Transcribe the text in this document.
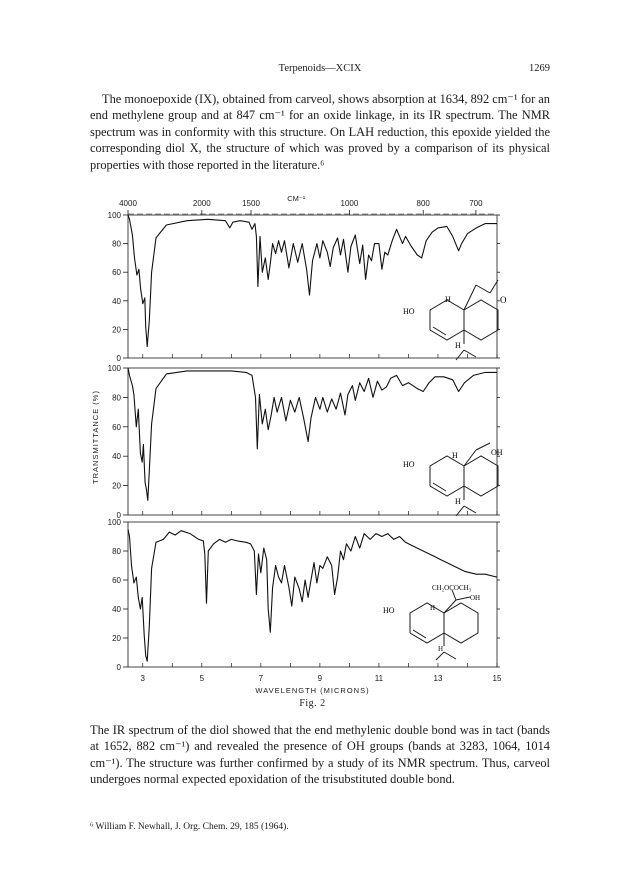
Terpenoids—XCIX	1269

The monoepoxide (IX), obtained from carveol, shows absorption at 1634, 892 cm⁻¹ for an end methylene group and at 847 cm⁻¹ for an oxide linkage, in its IR spectrum. The NMR spectrum was in conformity with this structure. On LAH reduction, this epoxide yielded the corresponding diol X, the structure of which was proved by a comparison of its physical properties with those reported in the literature.⁶

0
20
40
60
80
100
0
20
40
60
80
100
0
20
40
60
80
100
4000	2000	1500	1000	800	700
CM⁻¹
3	5	7	9	11	13	15
WAVELENGTH (MICRONS)
TRANSMITTANCE (%)
HO
H	O
H
HO
H	OH
H
HO	H
CH₂OCOCH₃
OH
H
Fig. 2

The IR spectrum of the diol showed that the end methylenic double bond was in tact (bands at 1652, 882 cm⁻¹) and revealed the presence of OH groups (bands at 3283, 1064, 1014 cm⁻¹). The structure was further confirmed by a study of its NMR spectrum. Thus, carveol undergoes normal expected epoxidation of the trisubstituted double bond.

⁶ William F. Newhall, J. Org. Chem. 29, 185 (1964).
